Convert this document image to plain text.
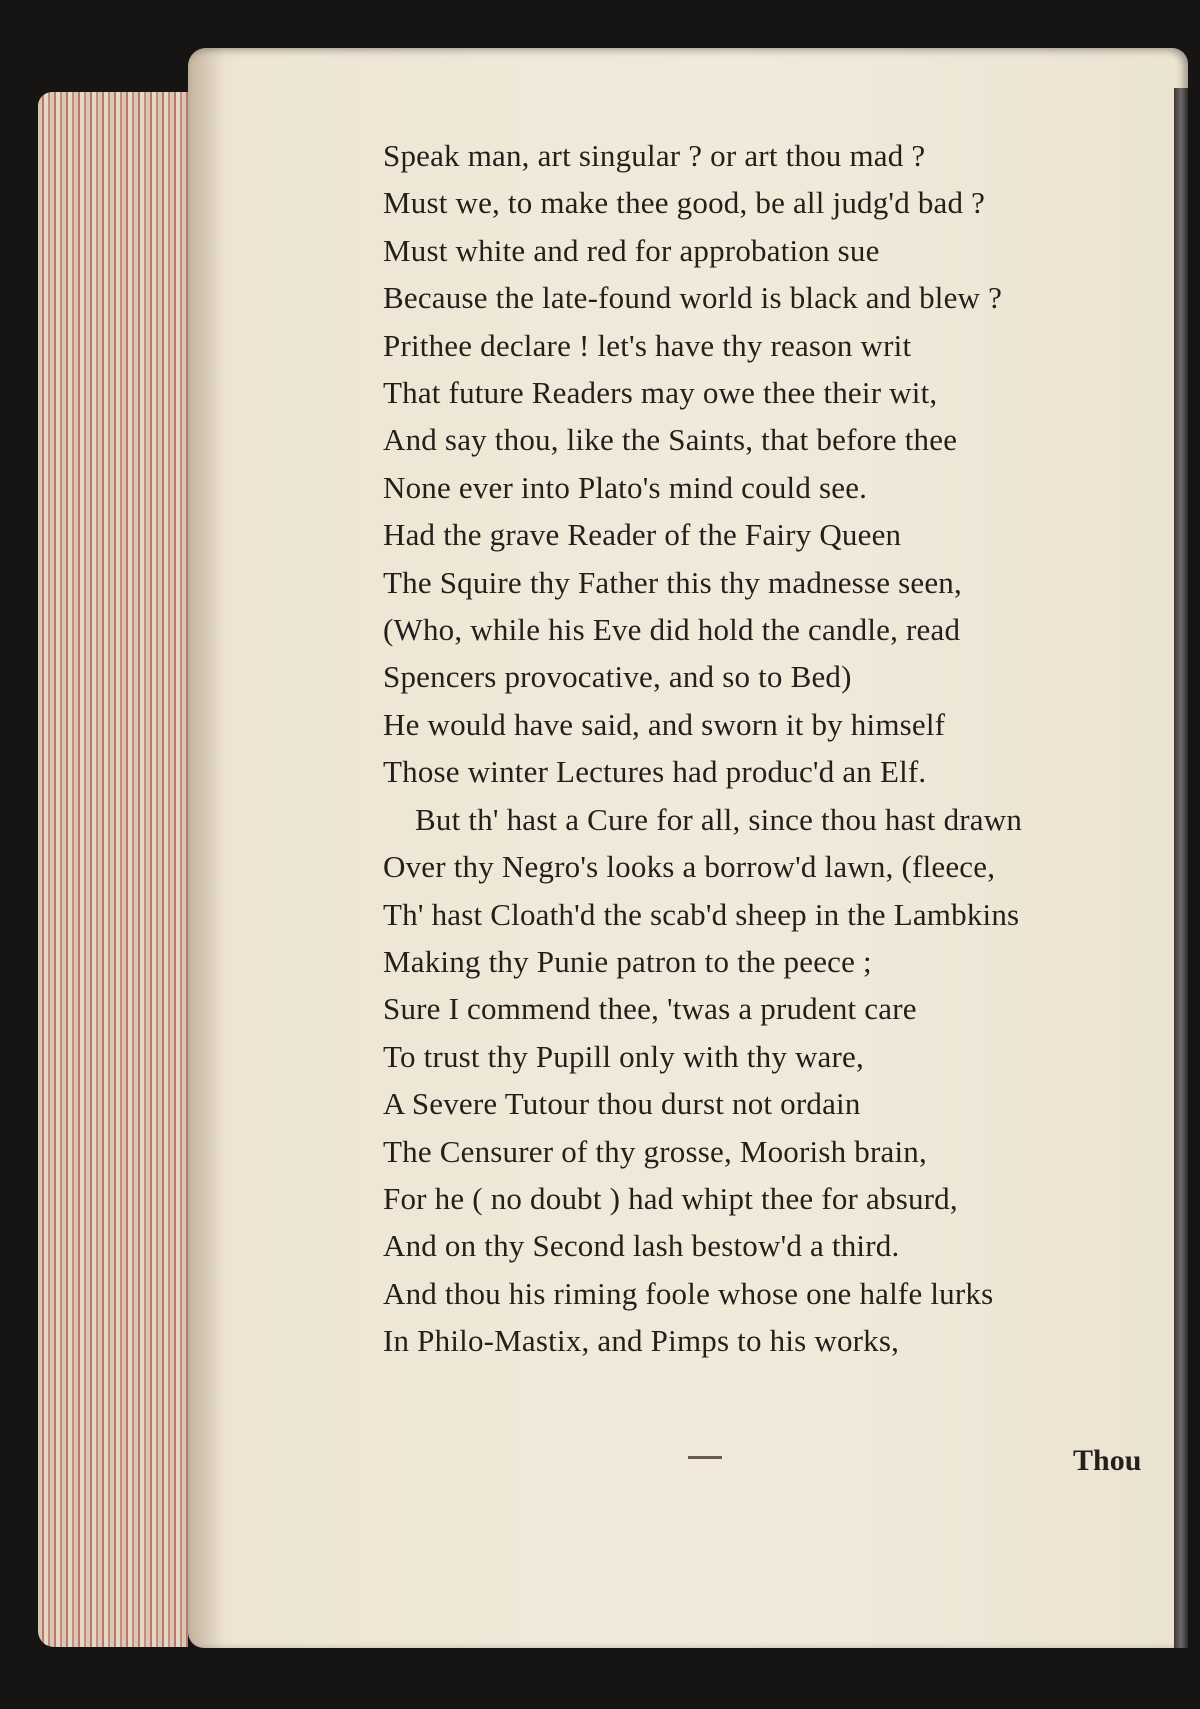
Speak man, art singular ? or art thou mad ?
Must we, to make thee good, be all judg'd bad ?
Must white and red for approbation sue
Because the late-found world is black and blew ?
Prithee declare ! let's have thy reason writ
That future Readers may owe thee their wit,
And say thou, like the Saints, that before thee
None ever into Plato's mind could see.
Had the grave Reader of the Fairy Queen
The Squire thy Father this thy madnesse seen,
(Who, while his Eve did hold the candle, read
Spencers provocative, and so to Bed)
He would have said, and sworn it by himself
Those winter Lectures had produc'd an Elf.
But th' hast a Cure for all, since thou hast drawn
Over thy Negro's looks a borrow'd lawn, (fleece,
Th' hast Cloath'd the scab'd sheep in the Lambkins
Making thy Punie patron to the peece ;
Sure I commend thee, 'twas a prudent care
To trust thy Pupill only with thy ware,
A Severe Tutour thou durst not ordain
The Censurer of thy grosse, Moorish brain,
For he ( no doubt ) had whipt thee for absurd,
And on thy Second lash bestow'd a third.
And thou his riming foole whose one halfe lurks
In Philo-Mastix, and Pimps to his works,
Thou
